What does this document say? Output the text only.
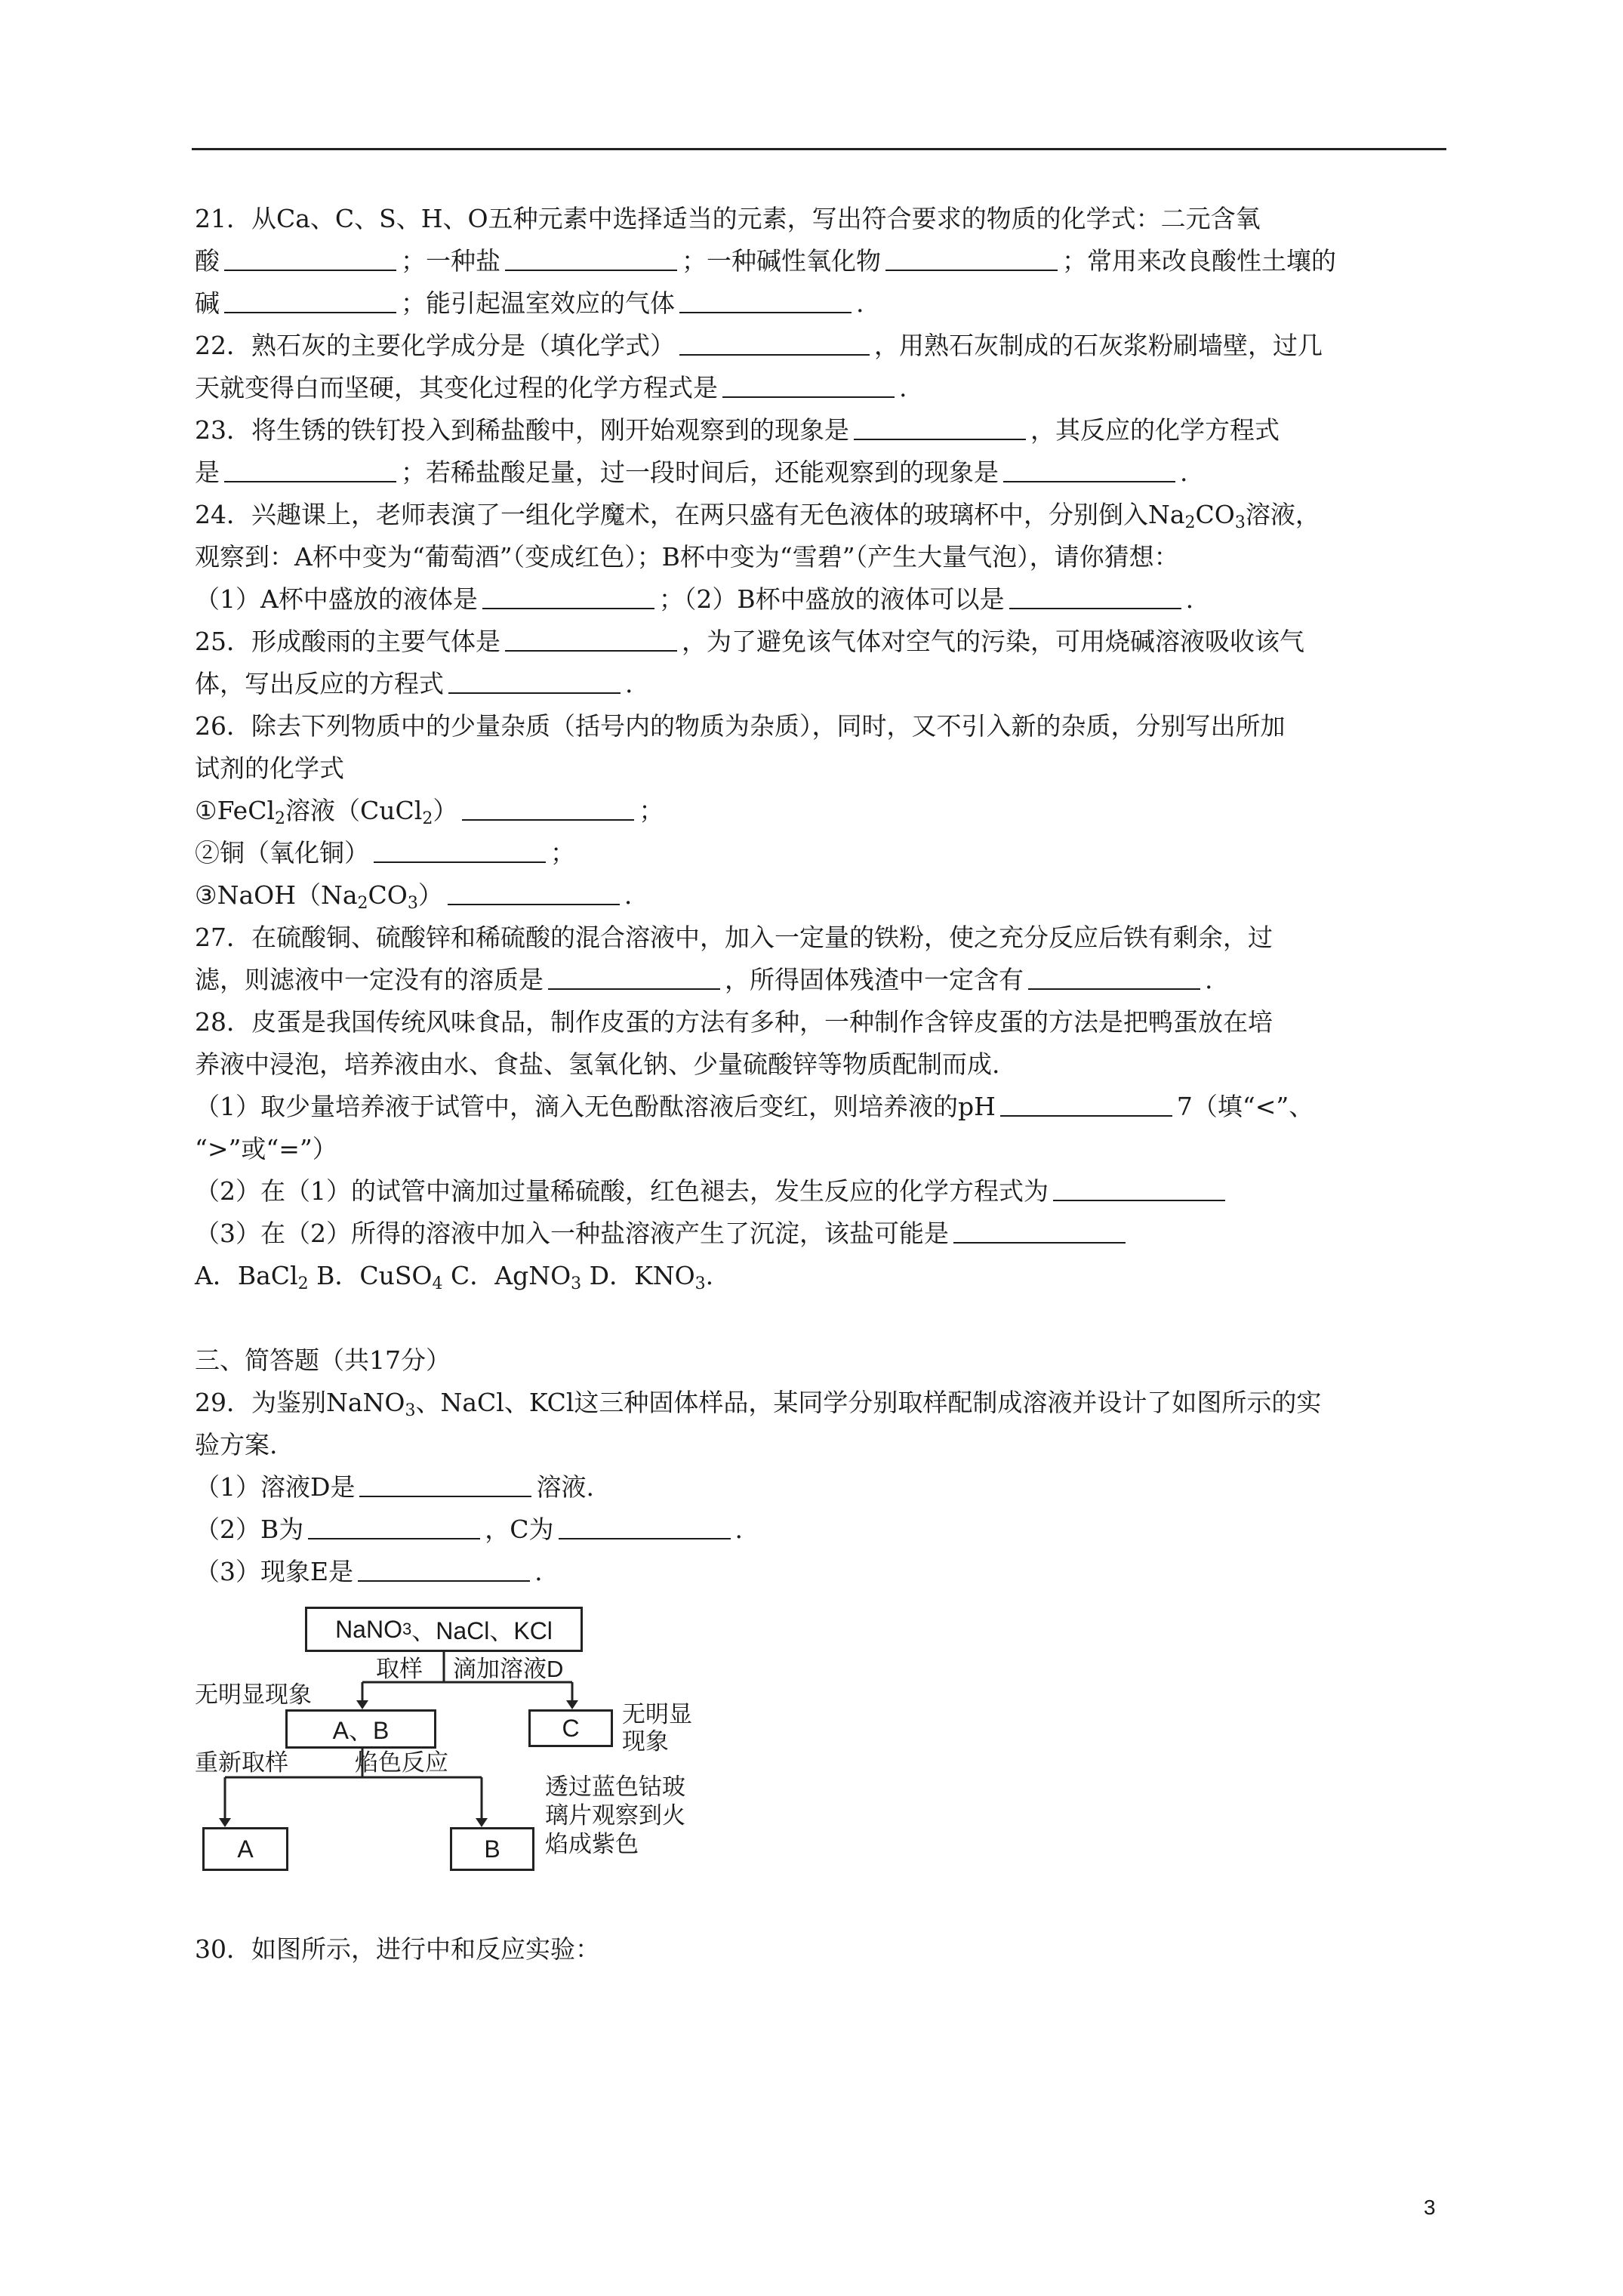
21．从Ca、C、S、H、O五种元素中选择适当的元素，写出符合要求的物质的化学式：二元含氧
酸	；一种盐	；一种碱性氧化物	；常用来改良酸性土壤的
碱	；能引起温室效应的气体	.
22．熟石灰的主要化学成分是（填化学式）	，用熟石灰制成的石灰浆粉刷墙壁，过几
天就变得白而坚硬，其变化过程的化学方程式是	.
23．将生锈的铁钉投入到稀盐酸中，刚开始观察到的现象是	，其反应的化学方程式
是	；若稀盐酸足量，过一段时间后，还能观察到的现象是	.
24．兴趣课上，老师表演了一组化学魔术，在两只盛有无色液体的玻璃杯中，分别倒入$Na_2CO_3$溶液，
观察到：A杯中变为“葡萄酒”（变成红色）；B杯中变为“雪碧”（产生大量气泡），请你猜想：
（1）A杯中盛放的液体是	；（2）B杯中盛放的液体可以是	.
25．形成酸雨的主要气体是	，为了避免该气体对空气的污染，可用烧碱溶液吸收该气
体，写出反应的方程式	.
26．除去下列物质中的少量杂质（括号内的物质为杂质），同时，又不引入新的杂质，分别写出所加
试剂的化学式
①FeCl$_2$溶液（CuCl$_2$）	；
②铜（氧化铜）	；
$③NaOH(Na_2CO_3)$	.
27．在硫酸铜、硫酸锌和稀硫酸的混合溶液中，加入一定量的铁粉，使之充分反应后铁有剩余，过
滤，则滤液中一定没有的溶质是	，所得固体残渣中一定含有	.
28．皮蛋是我国传统风味食品，制作皮蛋的方法有多种，一种制作含锌皮蛋的方法是把鸭蛋放在培
养液中浸泡，培养液由水、食盐、氢氧化钠、少量硫酸锌等物质配制而成.
（1）取少量培养液于试管中，滴入无色酚酞溶液后变红，则培养液的pH	7（填“<”、
“>”或“=”）
（2）在（1）的试管中滴加过量稀硫酸，红色褪去，发生反应的化学方程式为
（3）在（2）所得的溶液中加入一种盐溶液产生了沉淀，该盐可能是
A．BaCl$_2$ B．CuSO$_4$ C．AgNO$_3$ D．$KNO_3$.
三、简答题（共17分）
29．为鉴别NaNO$_3$、NaCl、KCl这三种固体样品，某同学分别取样配制成溶液并设计了如图所示的实
验方案.
（1）溶液D是	溶液.
（2）B为	，C为	.
（3）现象E是	.
NaNO 3 、NaCl、KCl
取样 滴加溶液D
无明显现象
A、B	C	无明显
现象
重新取样	焰色反应
透过蓝色钴玻
璃片观察到火
焰成紫色
A	B
30．如图所示，进行中和反应实验：
3
